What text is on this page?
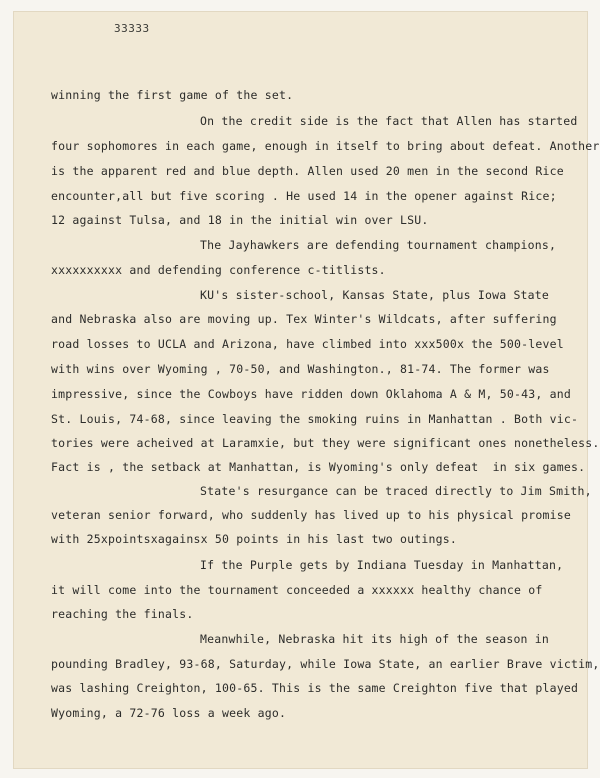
33333
winning the first game of the set.
On the credit side is the fact that Allen has started
four sophomores in each game, enough in itself to bring about defeat. Another
is the apparent red and blue depth. Allen used 20 men in the second Rice
encounter,all but five scoring . He used 14 in the opener against Rice;
12 against Tulsa, and 18 in the initial win over LSU.
The Jayhawkers are defending tournament champions,
xxxxxxxxxx and defending conference c-titlists.
KU's sister-school, Kansas State, plus Iowa State
and Nebraska also are moving up. Tex Winter's Wildcats, after suffering
road losses to UCLA and Arizona, have climbed into xxx500x the 500-level
with wins over Wyoming , 70-50, and Washington., 81-74. The former was
impressive, since the Cowboys have ridden down Oklahoma A & M, 50-43, and
St. Louis, 74-68, since leaving the smoking ruins in Manhattan . Both vic-
tories were acheived at Laramxie, but they were significant ones nonetheless.
Fact is , the setback at Manhattan, is Wyoming's only defeat  in six games.
State's resurgance can be traced directly to Jim Smith,
veteran senior forward, who suddenly has lived up to his physical promise
with 25xpointsxagainsx 50 points in his last two outings.
If the Purple gets by Indiana Tuesday in Manhattan,
it will come into the tournament conceeded a xxxxxx healthy chance of
reaching the finals.
Meanwhile, Nebraska hit its high of the season in
pounding Bradley, 93-68, Saturday, while Iowa State, an earlier Brave victim,
was lashing Creighton, 100-65. This is the same Creighton five that played
Wyoming, a 72-76 loss a week ago.
